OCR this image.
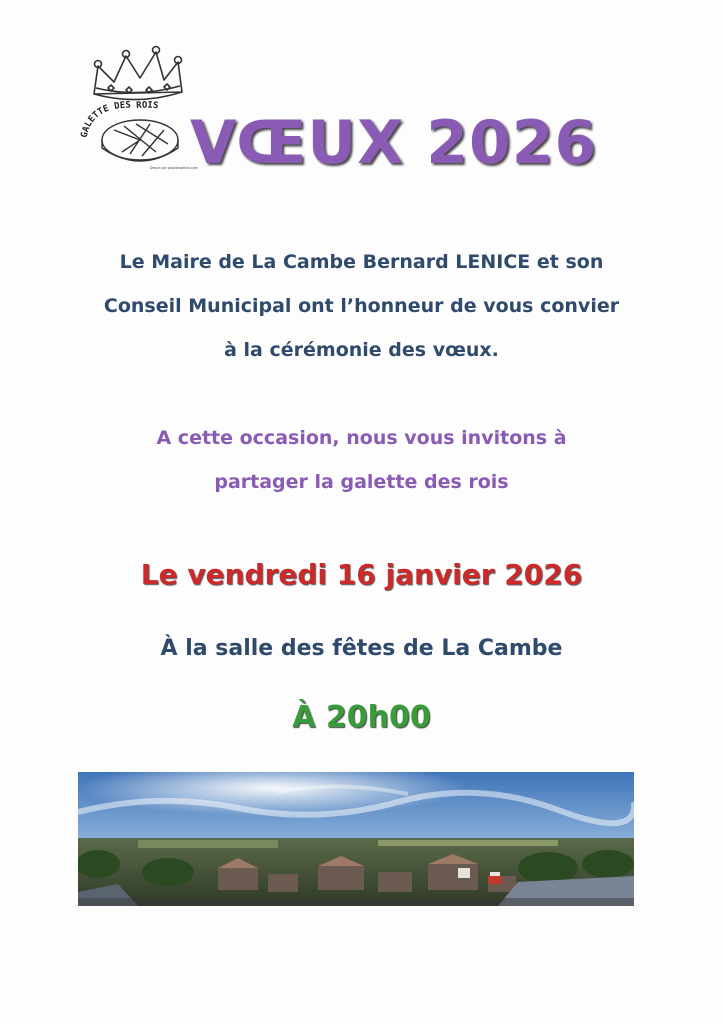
GALETTE DES ROIS
Dessin par papillonsetcie.com
VŒUX 2026
Le Maire de La Cambe Bernard LENICE et son
Conseil Municipal ont l’honneur de vous convier
à la cérémonie des vœux.
A cette occasion, nous vous invitons à
partager la galette des rois
Le vendredi 16 janvier 2026
À la salle des fêtes de La Cambe
À 20h00
